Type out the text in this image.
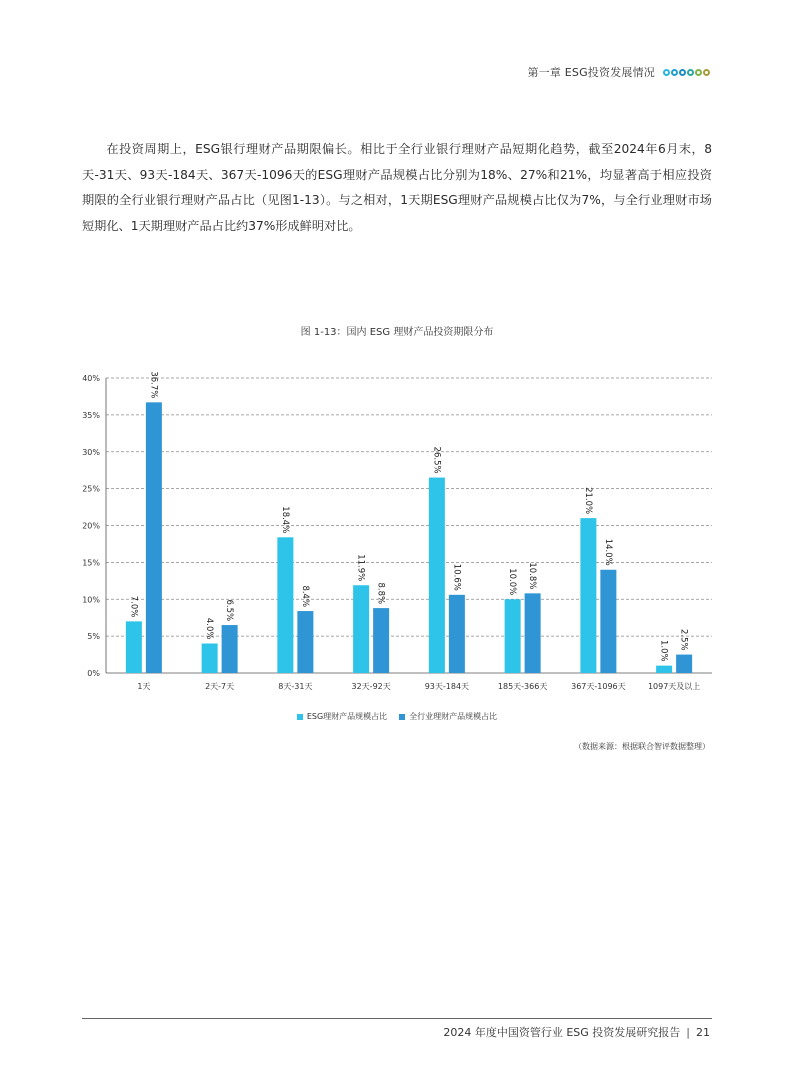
第一章 ESG投资发展情况

在投资周期上，ESG银行理财产品期限偏长。相比于全行业银行理财产品短期化趋势，截至2024年6月末，8天-31天、93天-184天、367天-1096天的ESG理财产品规模占比分别为18%、27%和21%，均显著高于相应投资期限的全行业银行理财产品占比（见图1-13）。与之相对，1天期ESG理财产品规模占比仅为7%，与全行业理财市场短期化、1天期理财产品占比约37%形成鲜明对比。

图 1-13：国内 ESG 理财产品投资期限分布
0%
5%
10%
15%
20%
25%
30%
35%
40%
7.0%
36.7%
1天
4.0%
6.5%
2天-7天
18.4%
8.4%
8天-31天
11.9%
8.8%
32天-92天
26.5%
10.6%
93天-184天
10.0% 10.8%
185天-366天
21.0%
14.0%
367天-1096天
1.0%
2.5%
1097天及以上
ESG理财产品规模占比	全行业理财产品规模占比
（数据来源：根据联合智评数据整理）
2024 年度中国资管行业 ESG 投资发展研究报告 | 21
